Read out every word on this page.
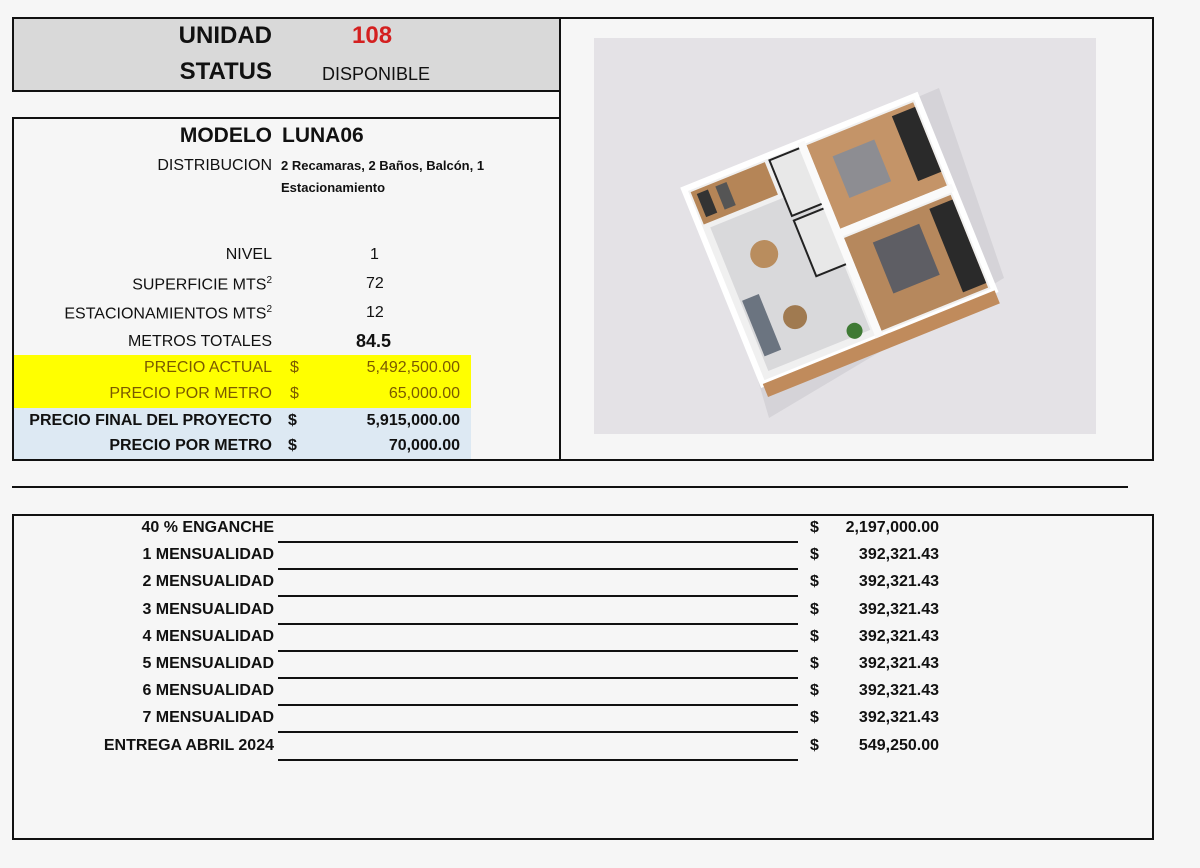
UNIDAD	108
STATUS	DISPONIBLE
MODELO LUNA06
DISTRIBUCION 2 Recamaras, 2 Baños, Balcón, 1 Estacionamiento
NIVEL	1
SUPERFICIE MTS$^2$	72
ESTACIONAMIENTOS MTS$^2$	12
METROS TOTALES	84.5
PRECIO ACTUAL $	5,492,500.00
PRECIO POR METRO $	65,000.00
PRECIO FINAL DEL PROYECTO $	5,915,000.00
PRECIO POR METRO $	70,000.00
40 % ENGANCHE	$	2,197,000.00
1 MENSUALIDAD	$	392,321.43
2 MENSUALIDAD	$	392,321.43
3 MENSUALIDAD	$	392,321.43
4 MENSUALIDAD	$	392,321.43
5 MENSUALIDAD	$	392,321.43
6 MENSUALIDAD	$	392,321.43
7 MENSUALIDAD	$	392,321.43
ENTREGA ABRIL 2024	$	549,250.00
